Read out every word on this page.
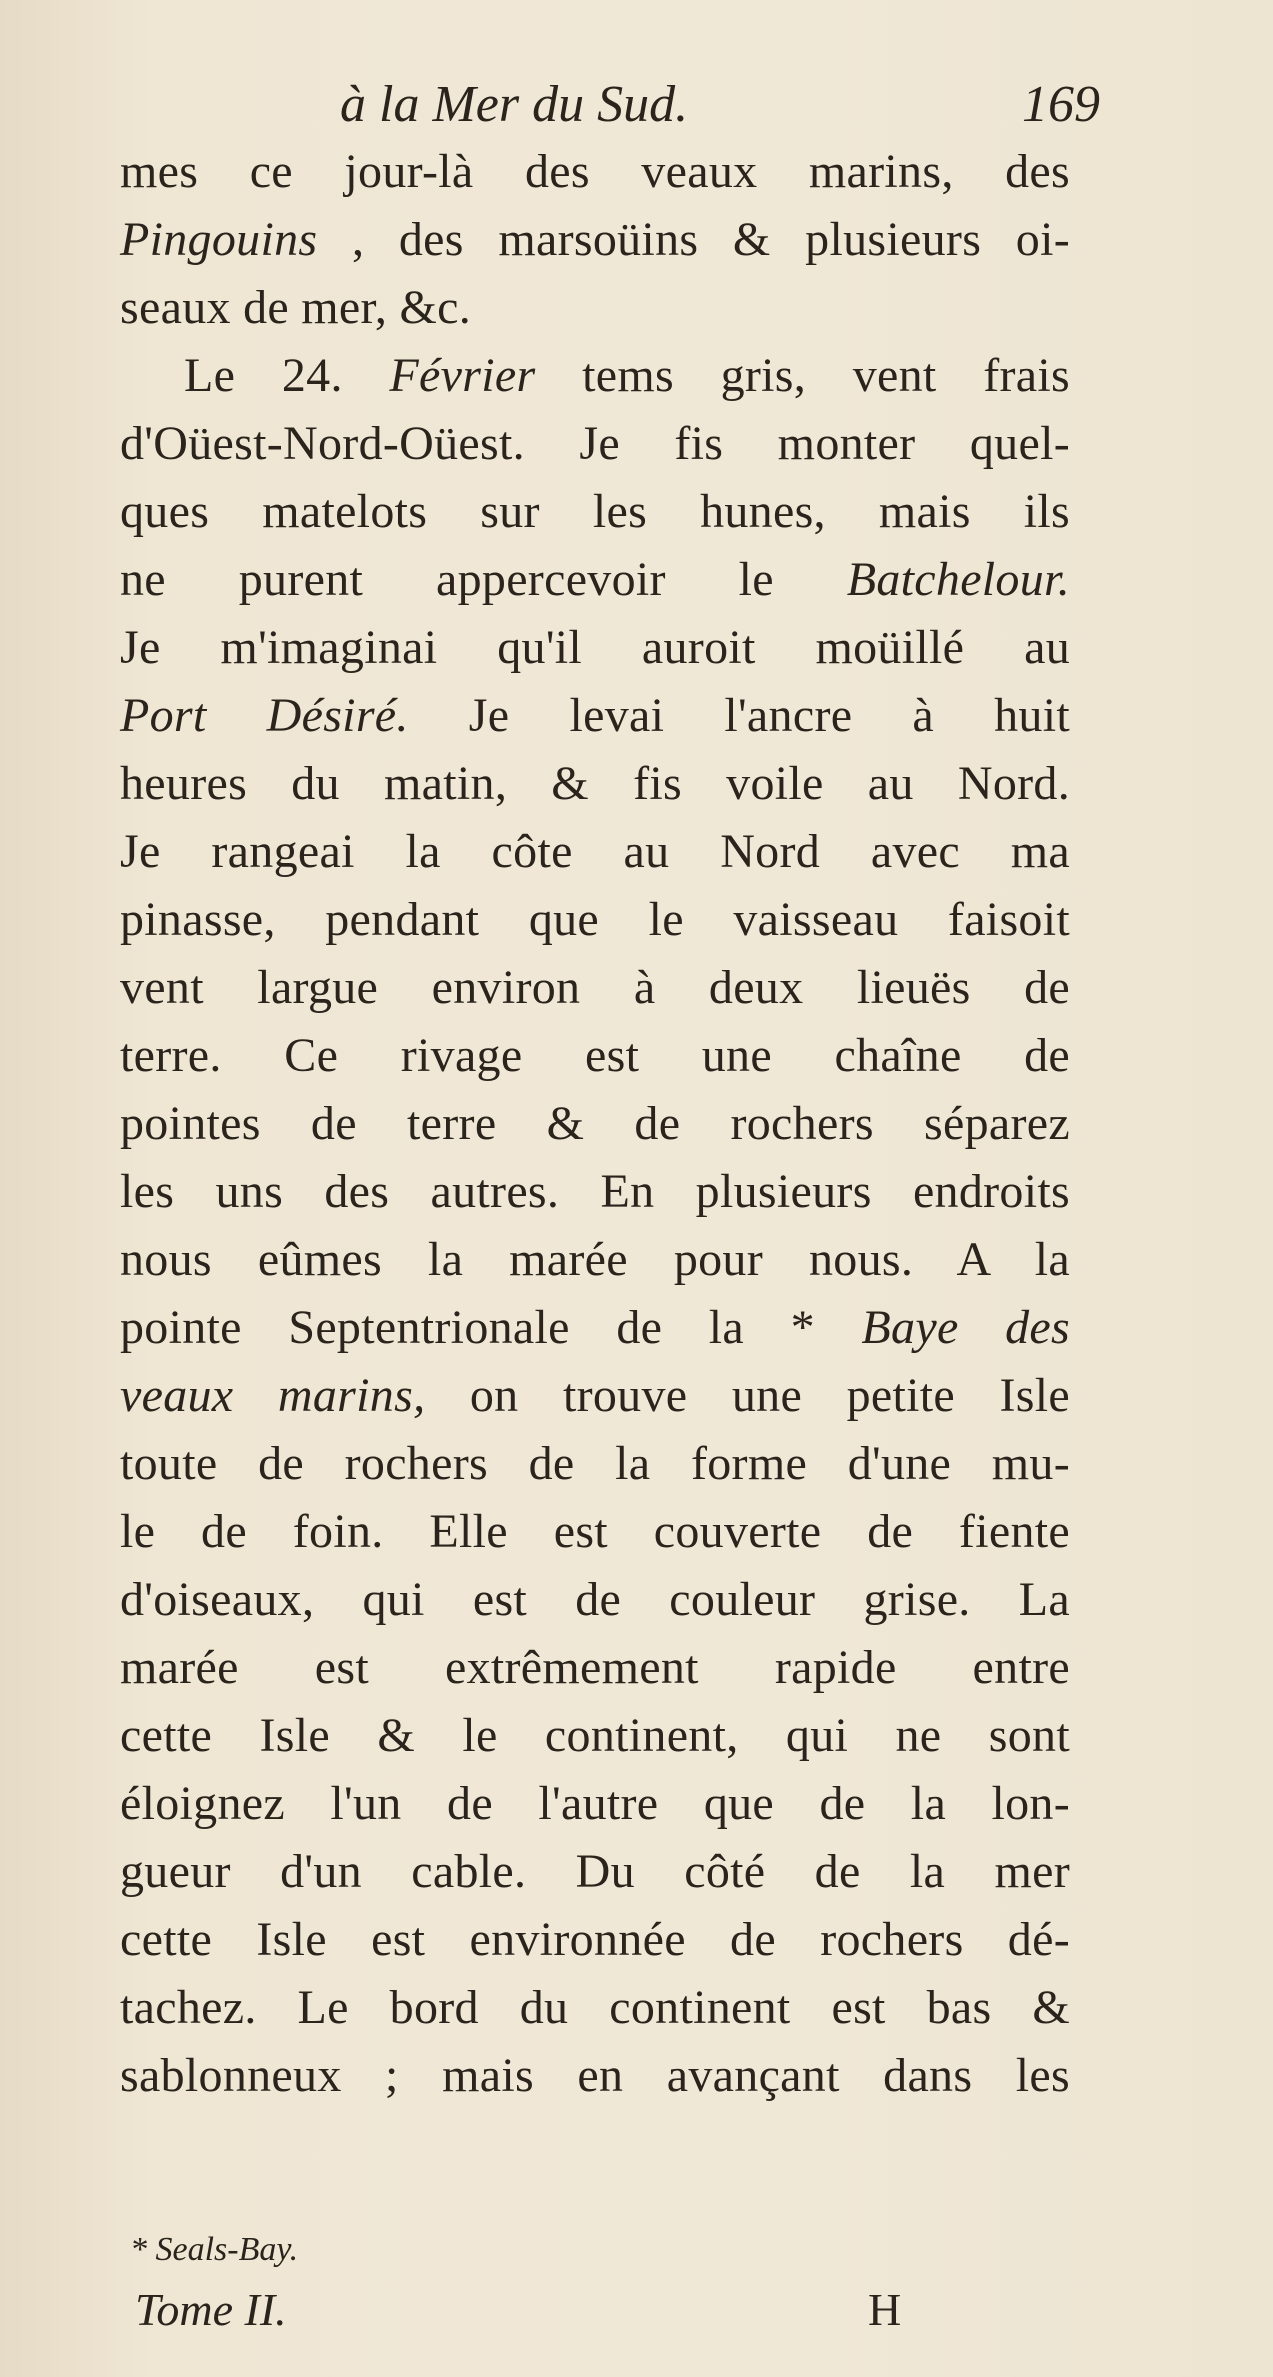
à la Mer du Sud.	169
mes ce jour-là des veaux marins, des
Pingouins , des marsoüins & plusieurs oi-
seaux de mer, &c.
Le 24. Février tems gris, vent frais
d'Oüest-Nord-Oüest. Je fis monter quel-
ques matelots sur les hunes, mais ils
ne purent appercevoir le Batchelour.
Je m'imaginai qu'il auroit moüillé au
Port Désiré. Je levai l'ancre à huit
heures du matin, & fis voile au Nord.
Je rangeai la côte au Nord avec ma
pinasse, pendant que le vaisseau faisoit
vent largue environ à deux lieuës de
terre. Ce rivage est une chaîne de
pointes de terre & de rochers séparez
les uns des autres. En plusieurs endroits
nous eûmes la marée pour nous. A la
pointe Septentrionale de la * Baye des
veaux marins, on trouve une petite Isle
toute de rochers de la forme d'une mu-
le de foin. Elle est couverte de fiente
d'oiseaux, qui est de couleur grise. La
marée est extrêmement rapide entre
cette Isle & le continent, qui ne sont
éloignez l'un de l'autre que de la lon-
gueur d'un cable. Du côté de la mer
cette Isle est environnée de rochers dé-
tachez. Le bord du continent est bas &
sablonneux ; mais en avançant dans les
* Seals-Bay.
Tome II.	H
